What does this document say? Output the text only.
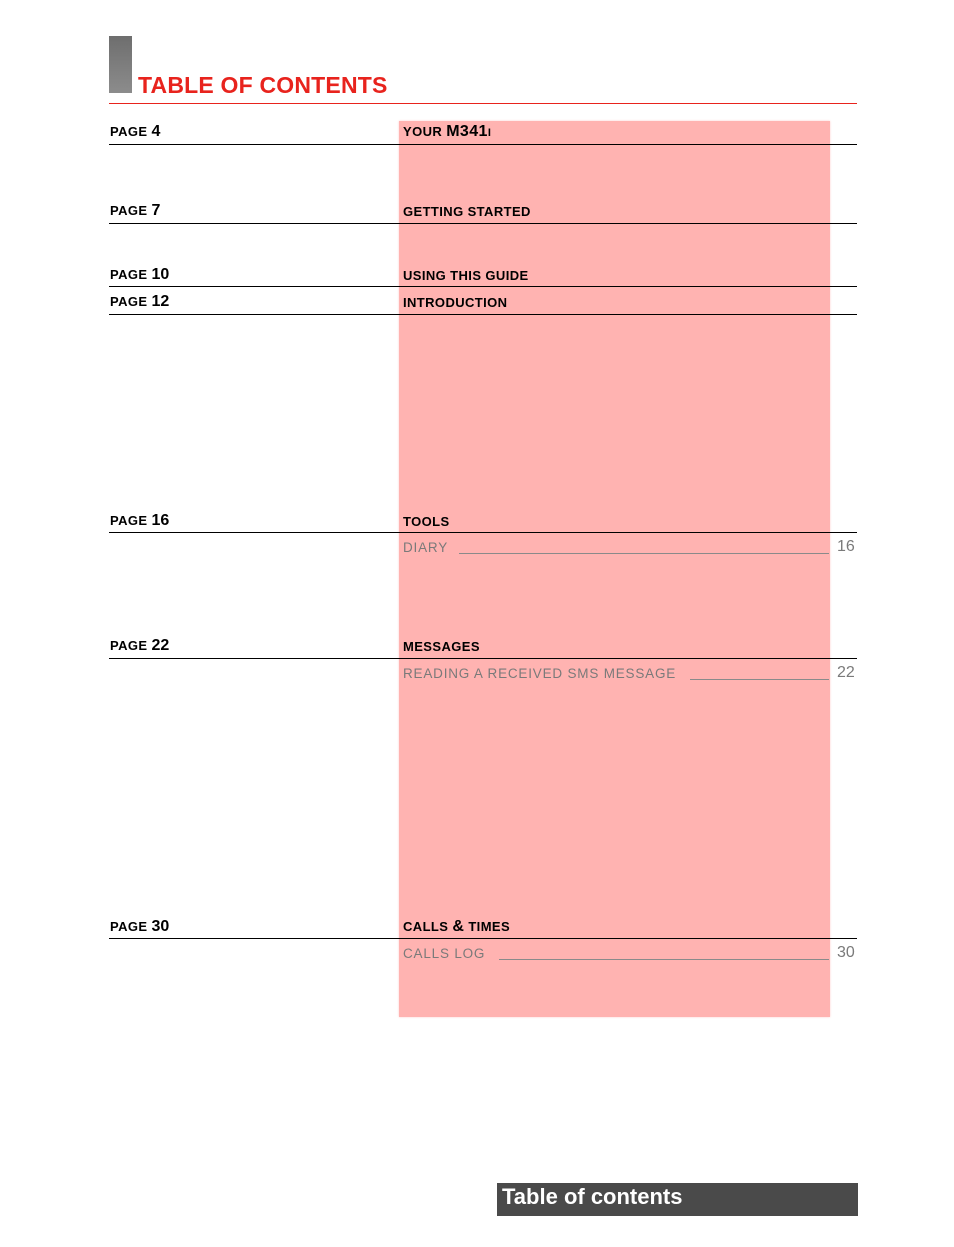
TABLE OF CONTENTS
PAGE 4	YOUR M341I
PAGE 7	GETTING STARTED
PAGE 10	USING THIS GUIDE
PAGE 12	INTRODUCTION
PAGE 16	TOOLS
DIARY	16
PAGE 22	MESSAGES
READING A RECEIVED SMS MESSAGE	22
PAGE 30	CALLS & TIMES
CALLS LOG	30
Table of contents
